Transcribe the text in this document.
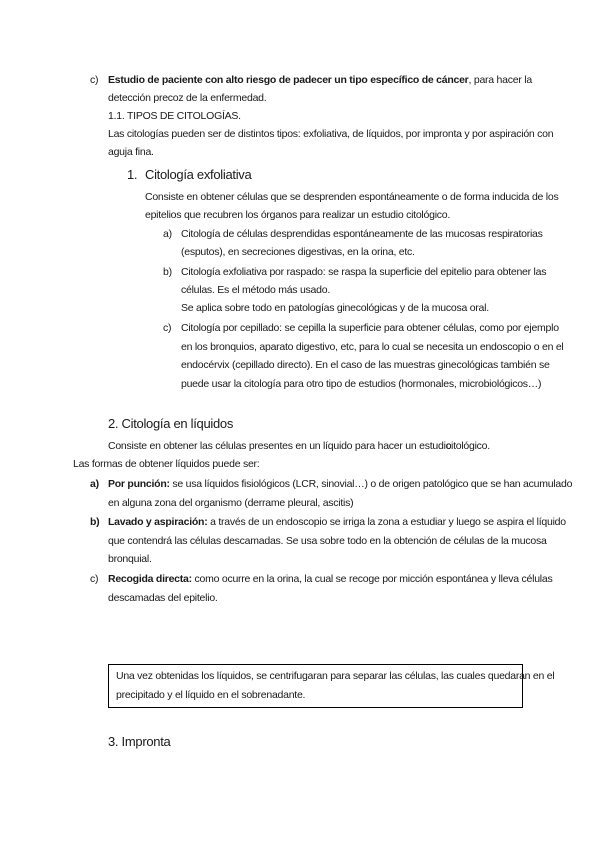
c) Estudio de paciente con alto riesgo de padecer un tipo específico de cáncer, para hacer la
detección precoz de la enfermedad.
1.1. TIPOS DE CITOLOGÍAS.
Las citologías pueden ser de distintos tipos: exfoliativa, de líquidos, por impronta y por aspiración con
aguja fina.
1. Citología exfoliativa
Consiste en obtener células que se desprenden espontáneamente o de forma inducida de los
epitelios que recubren los órganos para realizar un estudio citológico.
a) Citología de células desprendidas espontáneamente de las mucosas respiratorias
(esputos), en secreciones digestivas, en la orina, etc.
b) Citología exfoliativa por raspado: se raspa la superficie del epitelio para obtener las
células. Es el método más usado.
Se aplica sobre todo en patologías ginecológicas y de la mucosa oral.
c) Citología por cepillado: se cepilla la superficie para obtener células, como por ejemplo
en los bronquios, aparato digestivo, etc, para lo cual se necesita un endoscopio o en el
endocérvix (cepillado directo). En el caso de las muestras ginecológicas también se
puede usar la citología para otro tipo de estudios (hormonales, microbiológicos…)
2. Citología en líquidos
Consiste en obtener las células presentes en un líquido para hacer un estudio
citológico.
Las formas de obtener líquidos puede ser:
a) Por punción: se usa líquidos fisiológicos (LCR, sinovial…) o de origen patológico que se han acumulado
en alguna zona del organismo (derrame pleural, ascitis)
b) Lavado y aspiración: a través de un endoscopio se irriga la zona a estudiar y luego se aspira el líquido
que contendrá las células descamadas. Se usa sobre todo en la obtención de células de la mucosa
bronquial.
c) Recogida directa: como ocurre en la orina, la cual se recoge por micción espontánea y lleva células
descamadas del epitelio.
Una vez obtenidas los líquidos, se centrifugaran para separar las células, las cuales quedaran en el
precipitado y el líquido en el sobrenadante.
3. Impronta
